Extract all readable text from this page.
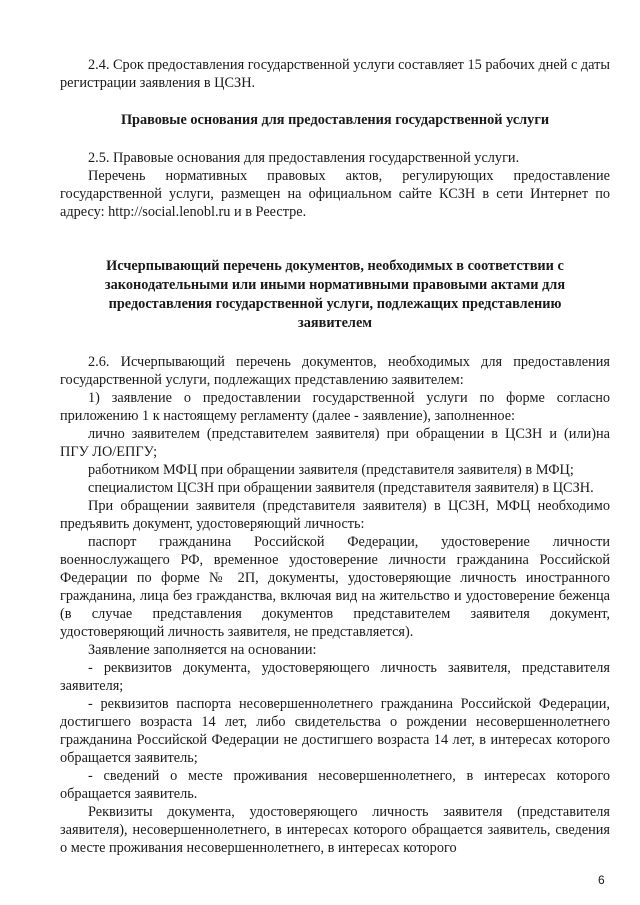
2.4. Срок предоставления государственной услуги составляет 15 рабочих дней с даты регистрации заявления в ЦСЗН.

Правовые основания для предоставления государственной услуги

2.5. Правовые основания для предоставления государственной услуги.

Перечень нормативных правовых актов, регулирующих предоставление государственной услуги, размещен на официальном сайте КСЗН в сети Интернет по адресу: http://social.lenobl.ru и в Реестре.

Исчерпывающий перечень документов, необходимых в соответствии с законодательными или иными нормативными правовыми актами для предоставления государственной услуги, подлежащих представлению заявителем

2.6. Исчерпывающий перечень документов, необходимых для предоставления государственной услуги, подлежащих представлению заявителем:

1) заявление о предоставлении государственной услуги по форме согласно приложению 1 к настоящему регламенту (далее - заявление), заполненное:

лично заявителем (представителем заявителя) при обращении в ЦСЗН и (или)на ПГУ ЛО/ЕПГУ;

работником МФЦ при обращении заявителя (представителя заявителя) в МФЦ;

специалистом ЦСЗН при обращении заявителя (представителя заявителя) в ЦСЗН.

При обращении заявителя (представителя заявителя) в ЦСЗН, МФЦ необходимо предъявить документ, удостоверяющий личность:

паспорт гражданина Российской Федерации, удостоверение личности военнослужащего РФ, временное удостоверение личности гражданина Российской Федерации по форме № 2П, документы, удостоверяющие личность иностранного гражданина, лица без гражданства, включая вид на жительство и удостоверение беженца (в случае представления документов представителем заявителя документ, удостоверяющий личность заявителя, не представляется).

Заявление заполняется на основании:

- реквизитов документа, удостоверяющего личность заявителя, представителя заявителя;

- реквизитов паспорта несовершеннолетнего гражданина Российской Федерации, достигшего возраста 14 лет, либо свидетельства о рождении несовершеннолетнего гражданина Российской Федерации не достигшего возраста 14 лет, в интересах которого обращается заявитель;

- сведений о месте проживания несовершеннолетнего, в интересах которого обращается заявитель.

Реквизиты документа, удостоверяющего личность заявителя (представителя заявителя), несовершеннолетнего, в интересах которого обращается заявитель, сведения о месте проживания несовершеннолетнего, в интересах которого

6
